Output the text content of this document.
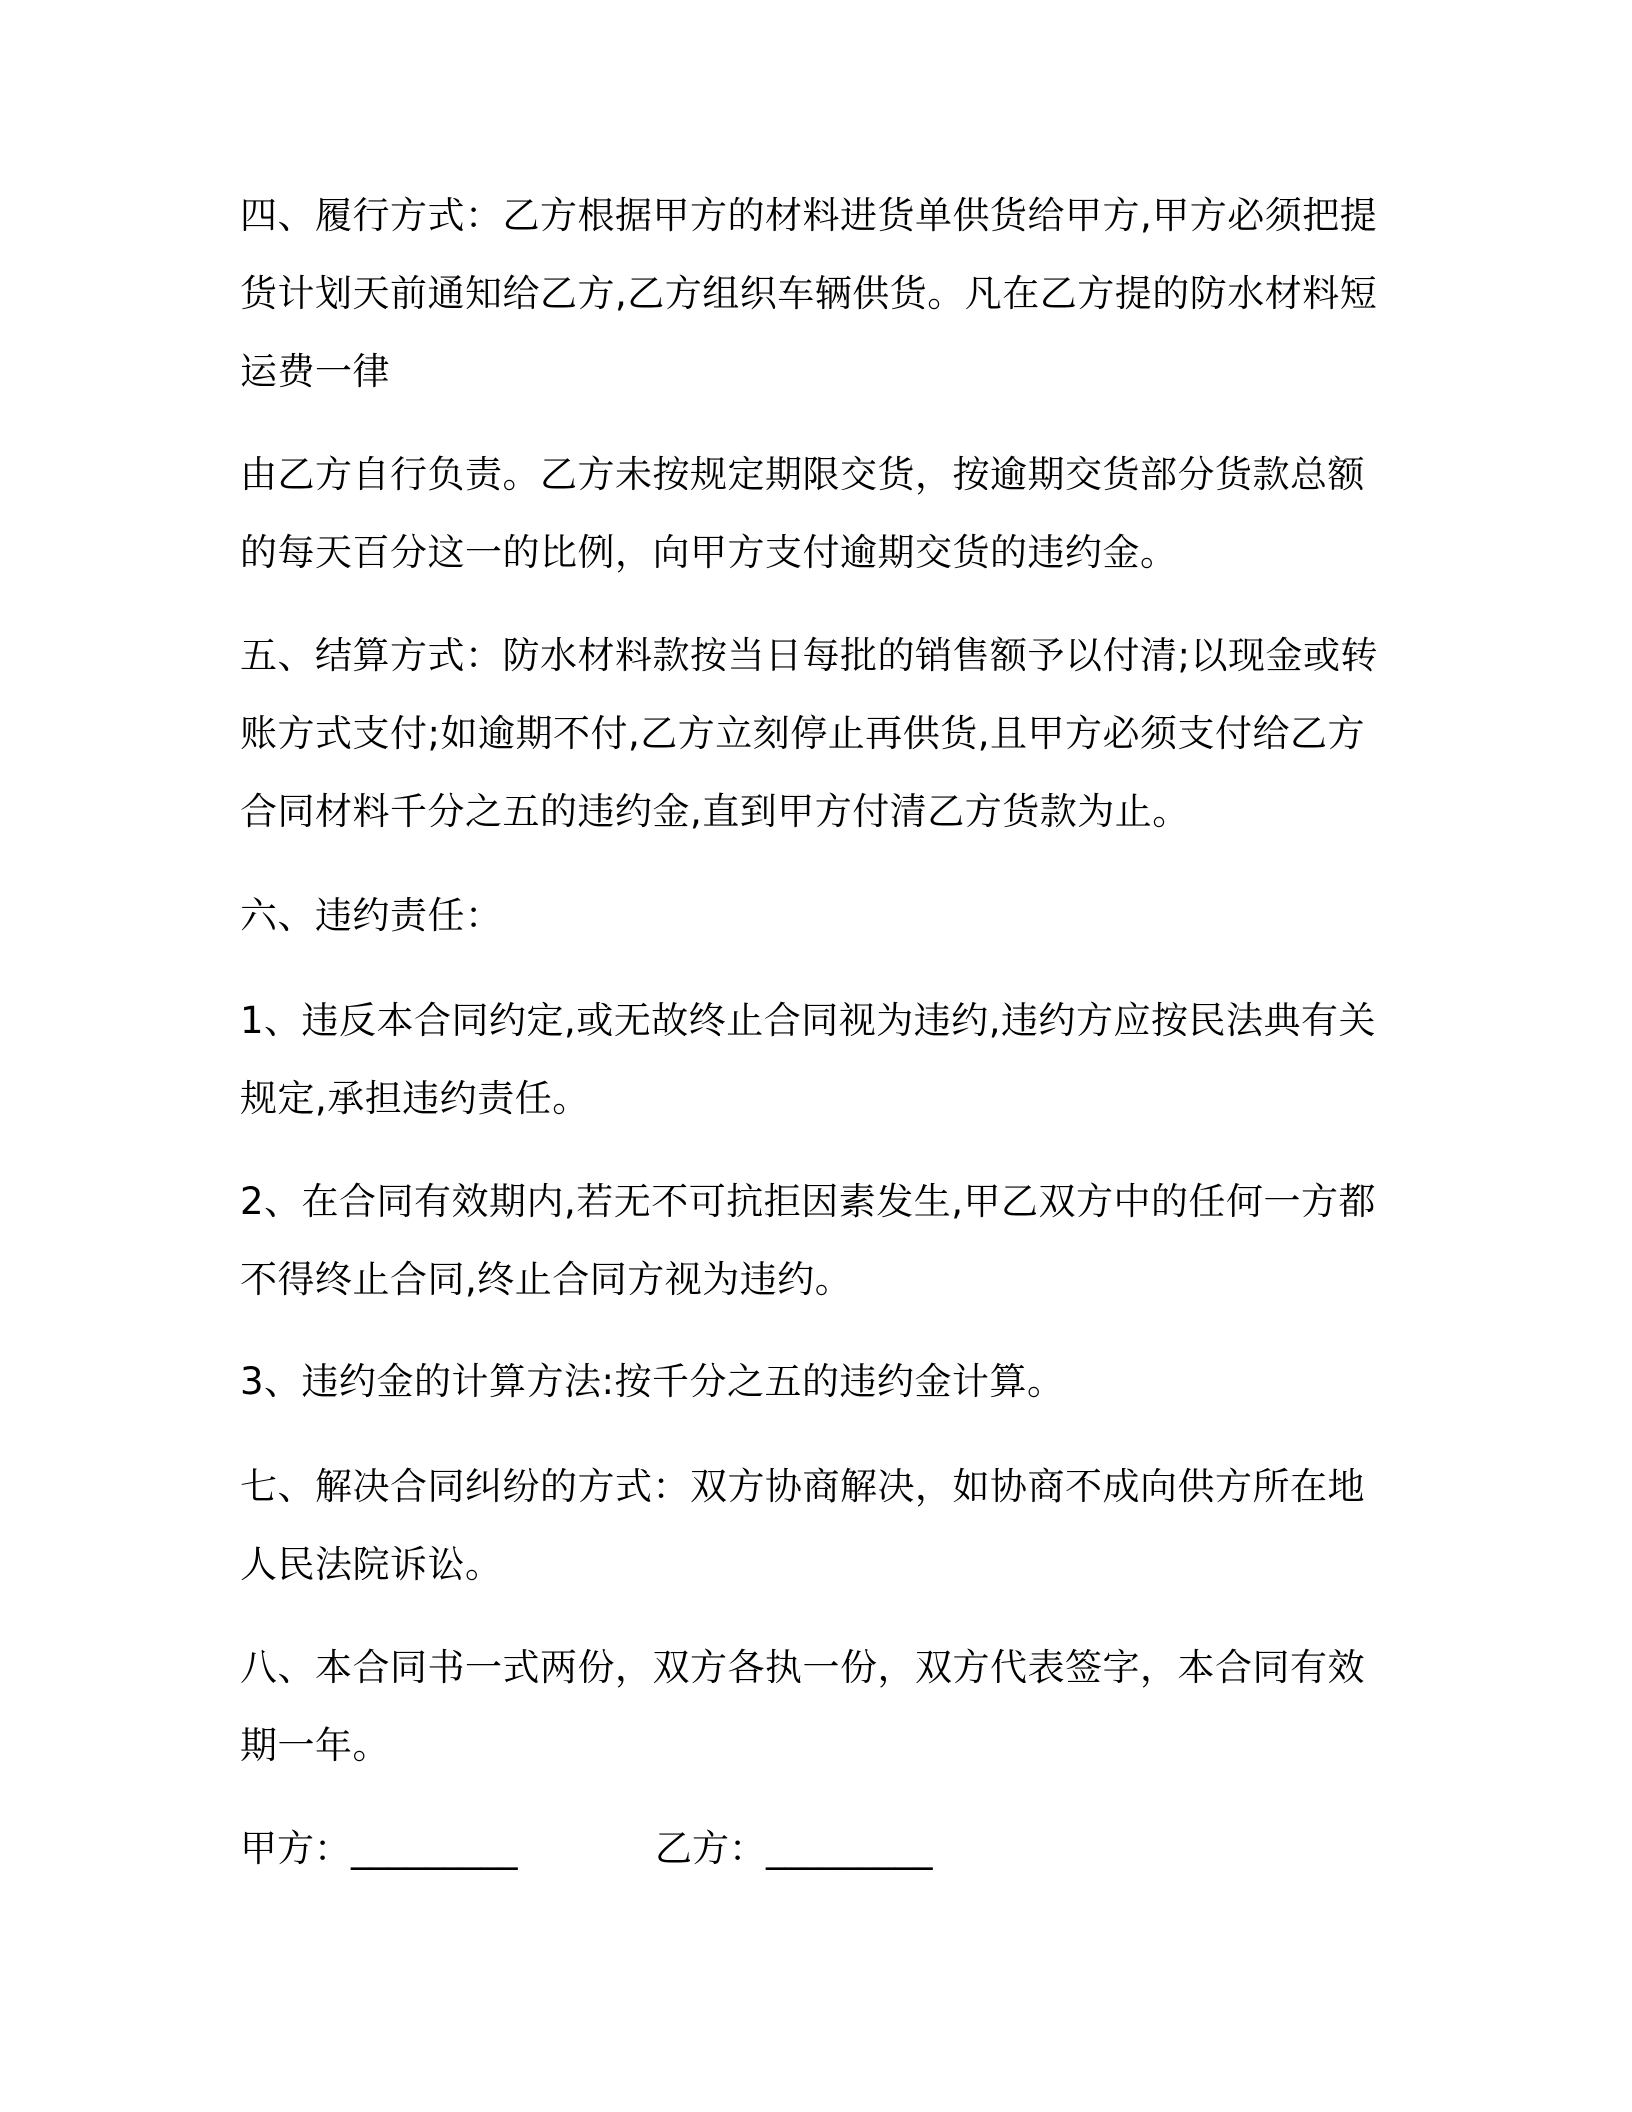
四、履行方式：乙方根据甲方的材料进货单供货给甲方,甲方必须把提
货计划天前通知给乙方,乙方组织车辆供货。凡在乙方提的防水材料短
运费一律

由乙方自行负责。乙方未按规定期限交货，按逾期交货部分货款总额
的每天百分这一的比例，向甲方支付逾期交货的违约金。

五、结算方式：防水材料款按当日每批的销售额予以付清;以现金或转
账方式支付;如逾期不付,乙方立刻停止再供货,且甲方必须支付给乙方
合同材料千分之五的违约金,直到甲方付清乙方货款为止。

六、违约责任：

1、违反本合同约定,或无故终止合同视为违约,违约方应按民法典有关
规定,承担违约责任。

2、在合同有效期内,若无不可抗拒因素发生,甲乙双方中的任何一方都
不得终止合同,终止合同方视为违约。

3、违约金的计算方法:按千分之五的违约金计算。

七、解决合同纠纷的方式：双方协商解决，如协商不成向供方所在地
人民法院诉讼。

八、本合同书一式两份，双方各执一份，双方代表签字，本合同有效
期一年。

甲方：_________	乙方：_________
